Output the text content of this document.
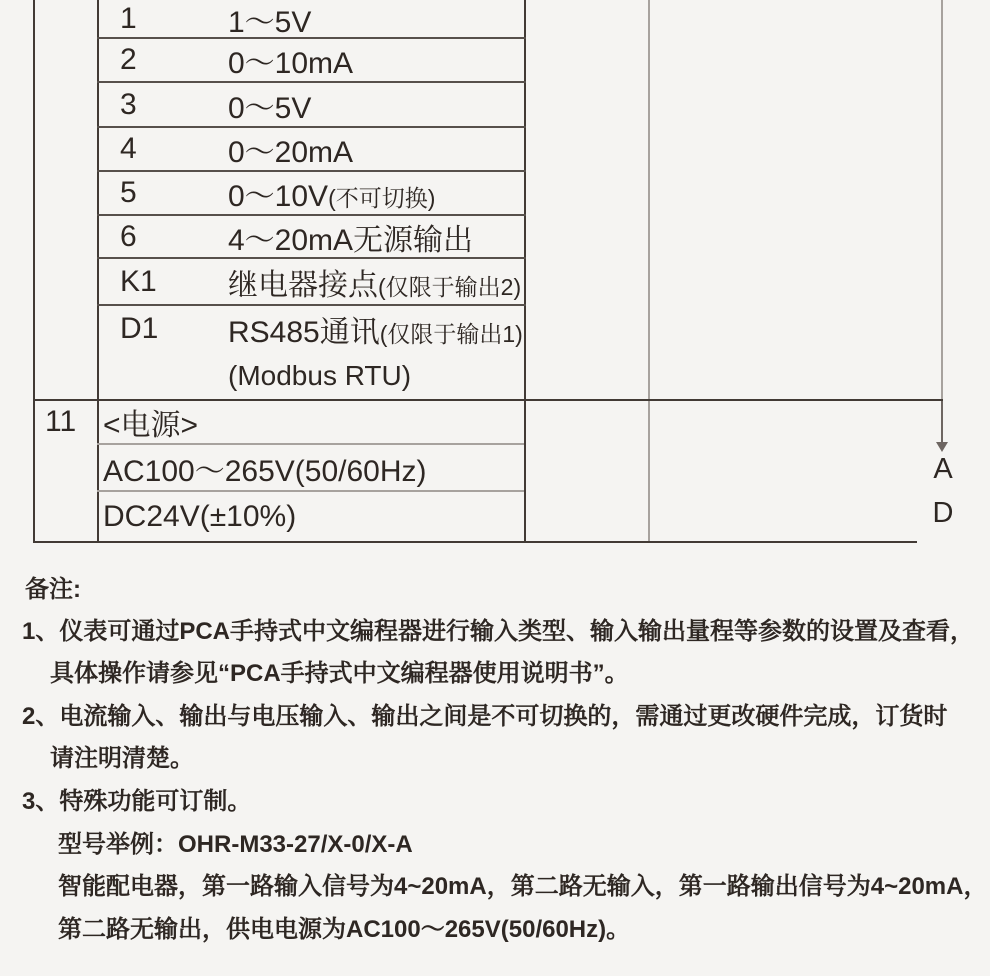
1	1～5V
2	0～10mA
3	0～5V
4	0～20mA
5	0～10V(不可切换)
6	4～20mA无源输出
K1 继电器接点(仅限于输出2)
D1 RS485通讯(仅限于输出1)
(Modbus RTU)
11 <电源>
AC100～265V(50/60Hz)
DC24V(±10%)
A
D
备注:
1、仪表可通过PCA手持式中文编程器进行输入类型、输入输出量程等参数的设置及查看，
具体操作请参见“PCA手持式中文编程器使用说明书”。
2、电流输入、输出与电压输入、输出之间是不可切换的，需通过更改硬件完成，订货时
请注明清楚。
3、特殊功能可订制。
型号举例：OHR-M33-27/X-0/X-A
智能配电器，第一路输入信号为4~20mA，第二路无输入，第一路输出信号为4~20mA，
第二路无输出，供电电源为AC100～265V(50/60Hz)。
